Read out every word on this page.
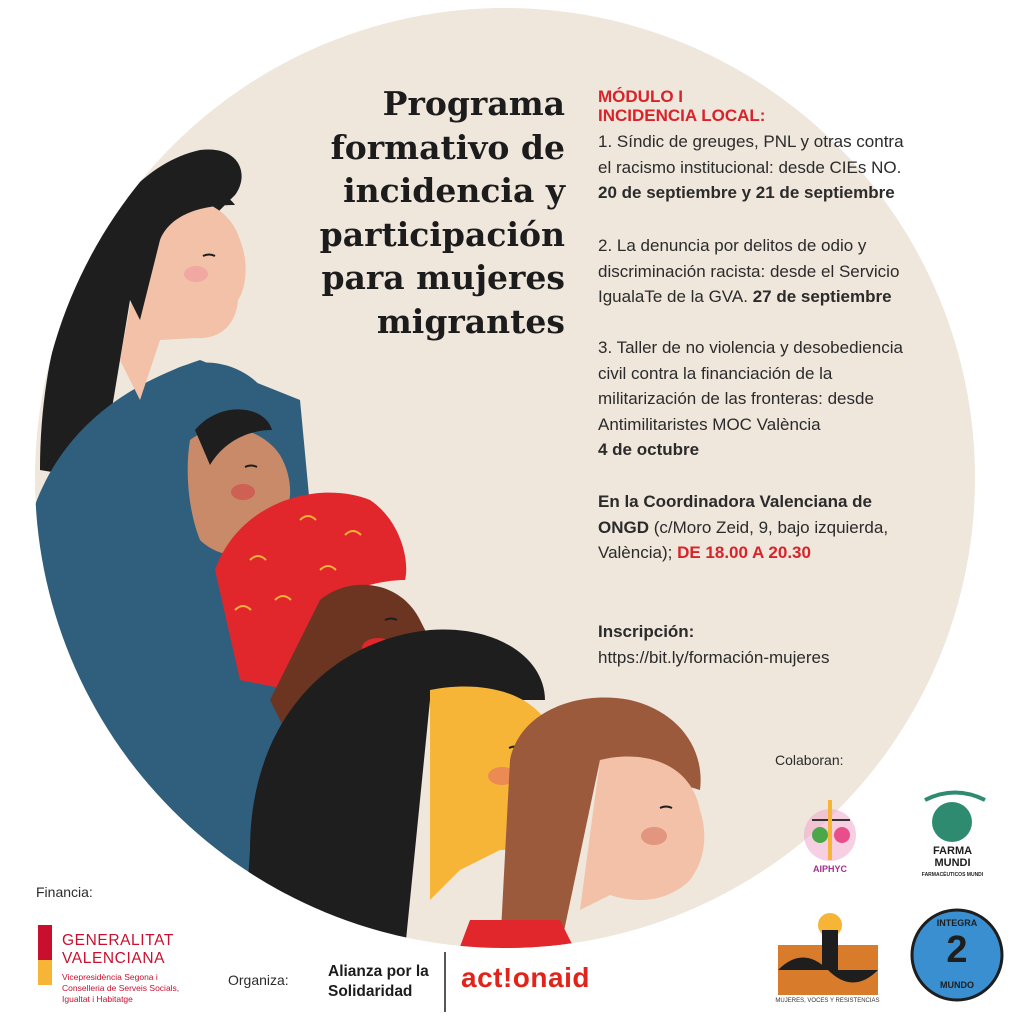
Programa
formativo de
incidencia y
participación
para mujeres
migrantes
MÓDULO I
INCIDENCIA LOCAL:
1. Síndic de greuges, PNL y otras contra
el racismo institucional: desde CIEs NO.
20 de septiembre y 21 de septiembre
2. La denuncia por delitos de odio y
discriminación racista: desde el Servicio
IgualaTe de la GVA. 27 de septiembre
3. Taller de no violencia y desobediencia
civil contra la financiación de la
militarización de las fronteras: desde
Antimilitaristes MOC València
4 de octubre
En la Coordinadora Valenciana de
ONGD (c/Moro Zeid, 9, bajo izquierda,
València); DE 18.00 A 20.30
Inscripción:
https://bit.ly/formación-mujeres
Colaboran:
Financia:
Organiza:
GENERALITAT
VALENCIANA
Vicepresidència Segona i
Conselleria de Serveis Socials,
Igualtat i Habitatge
Alianza por la
Solidaridad	act!onaid
AIPHYC
FARMA
MUNDI
FARMACÉUTICOS MUNDI
MUJERES, VOCES Y RESISTENCIAS
INTEGRA
2
MUNDO
